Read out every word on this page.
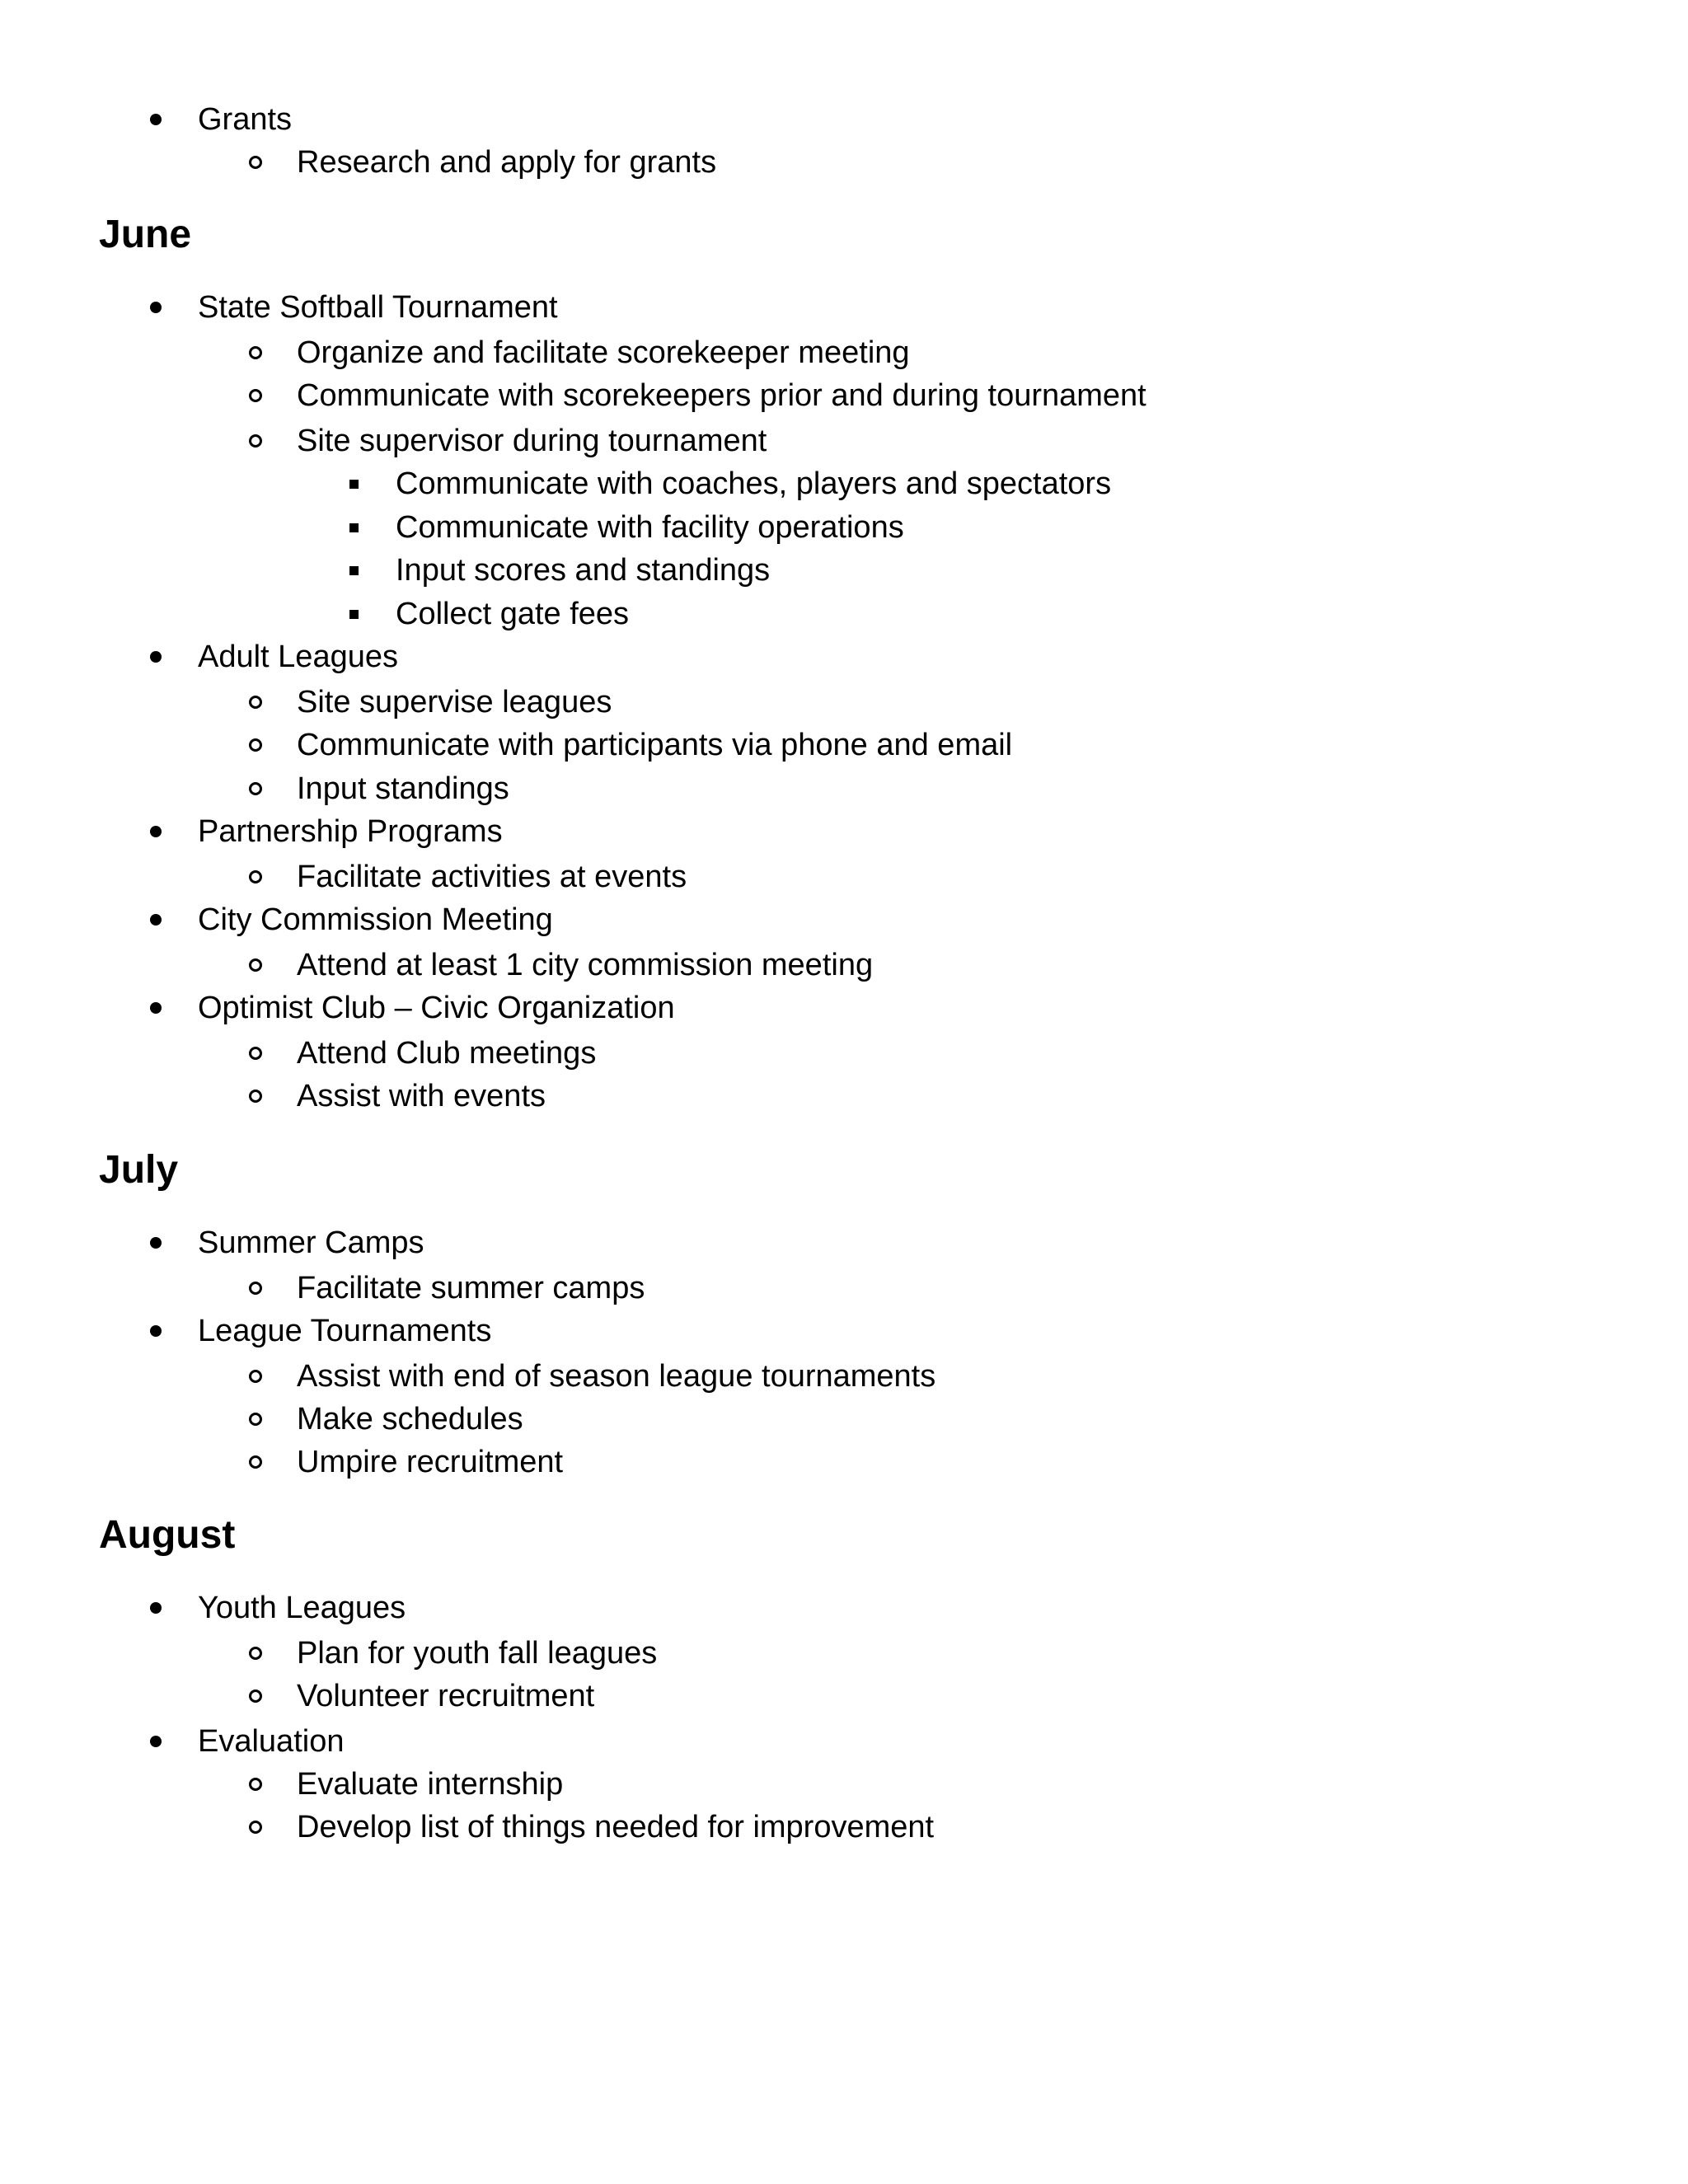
Grants
Research and apply for grants
June
State Softball Tournament
Organize and facilitate scorekeeper meeting
Communicate with scorekeepers prior and during tournament
Site supervisor during tournament
Communicate with coaches, players and spectators
Communicate with facility operations
Input scores and standings
Collect gate fees
Adult Leagues
Site supervise leagues
Communicate with participants via phone and email
Input standings
Partnership Programs
Facilitate activities at events
City Commission Meeting
Attend at least 1 city commission meeting
Optimist Club – Civic Organization
Attend Club meetings
Assist with events
July
Summer Camps
Facilitate summer camps
League Tournaments
Assist with end of season league tournaments
Make schedules
Umpire recruitment
August
Youth Leagues
Plan for youth fall leagues
Volunteer recruitment
Evaluation
Evaluate internship
Develop list of things needed for improvement
